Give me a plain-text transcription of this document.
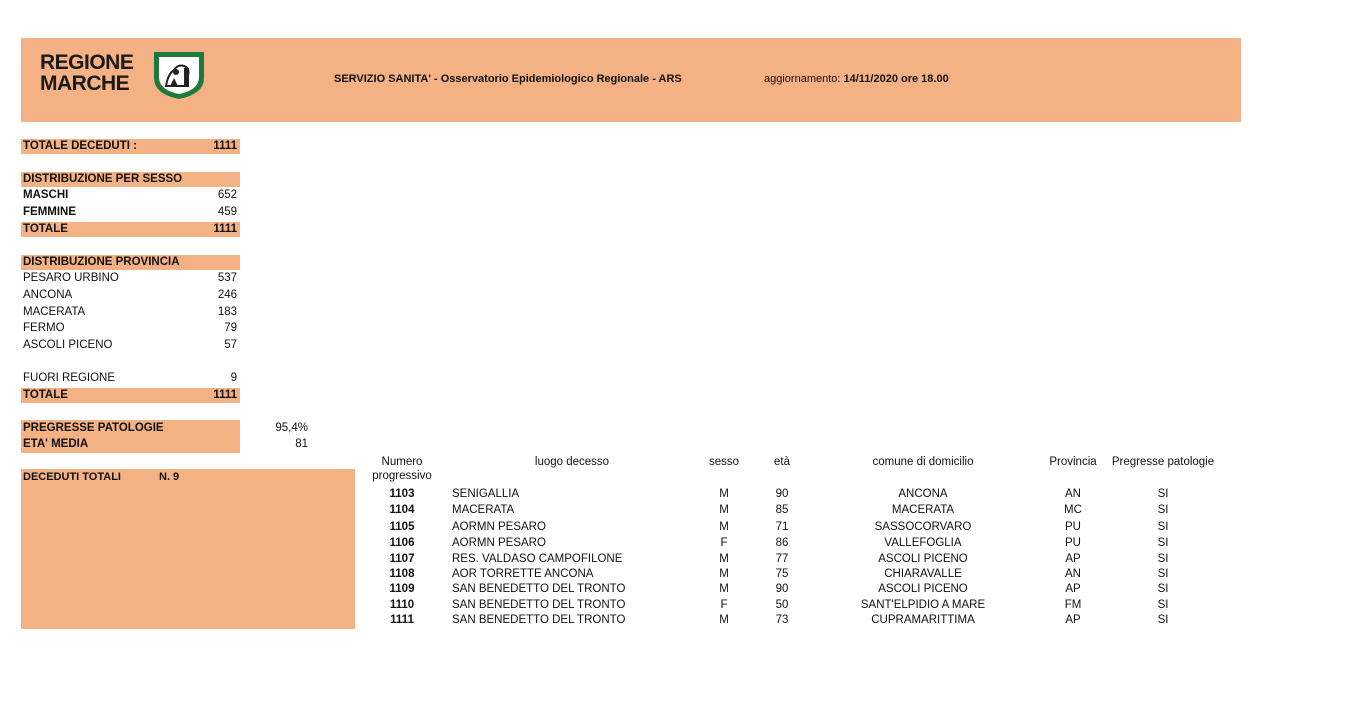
REGIONE
MARCHE	SERVIZIO SANITA' - Osservatorio Epidemiologico Regionale - ARS	aggiornamento: 14/11/2020 ore 18.00
TOTALE DECEDUTI :	1111
DISTRIBUZIONE PER SESSO
MASCHI	652
FEMMINE	459
TOTALE	1111
DISTRIBUZIONE PROVINCIA
PESARO URBINO	537
ANCONA	246
MACERATA	183
FERMO	79
ASCOLI PICENO	57
FUORI REGIONE	9
TOTALE	1111
PREGRESSE PATOLOGIE	95,4%
ETA' MEDIA	81
DECEDUTI TOTALI	N. 9
Numero
progressivo
luogo decesso	sesso	età	comune di domicilio	Provincia	Pregresse patologie
1103	SENIGALLIA	M	90	ANCONA	AN	SI
1104	MACERATA	M	85	MACERATA	MC	SI
1105	AORMN PESARO	M	71	SASSOCORVARO	PU	SI
1106	AORMN PESARO	F	86	VALLEFOGLIA	PU	SI
1107	RES. VALDASO CAMPOFILONE	M	77	ASCOLI PICENO	AP	SI
1108	AOR TORRETTE ANCONA	M	75	CHIARAVALLE	AN	SI
1109	SAN BENEDETTO DEL TRONTO	M	90	ASCOLI PICENO	AP	SI
1110	SAN BENEDETTO DEL TRONTO	F	50	SANT'ELPIDIO A MARE	FM	SI
1111	SAN BENEDETTO DEL TRONTO	M	73	CUPRAMARITTIMA	AP	SI
